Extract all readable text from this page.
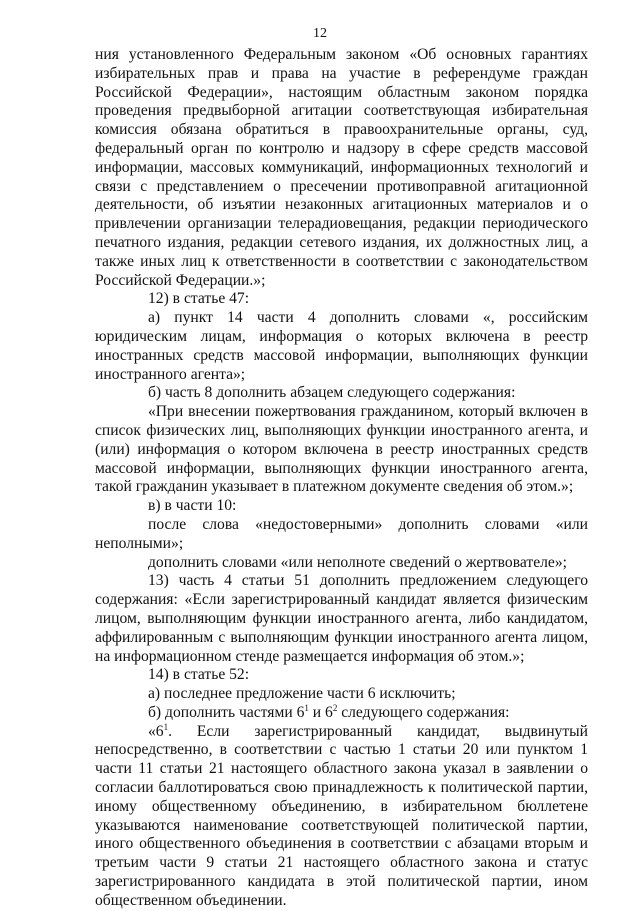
12

ния установленного Федеральным законом «Об основных гарантиях избирательных прав и права на участие в референдуме граждан Российской Федерации», настоящим областным законом порядка проведения предвыборной агитации соответствующая избирательная комиссия обязана обратиться в правоохранительные органы, суд, федеральный орган по контролю и надзору в сфере средств массовой информации, массовых коммуникаций, информационных технологий и связи с представлением о пресечении противоправной агитационной деятельности, об изъятии незаконных агитационных материалов и о привлечении организации телерадиовещания, редакции периодического печатного издания, редакции сетевого издания, их должностных лиц, а также иных лиц к ответственности в соответствии с законодательством Российской Федерации.»;

12) в статье 47:

а) пункт 14 части 4 дополнить словами «, российским юридическим лицам, информация о которых включена в реестр иностранных средств массовой информации, выполняющих функции иностранного агента»;

б) часть 8 дополнить абзацем следующего содержания:

«При внесении пожертвования гражданином, который включен в список физических лиц, выполняющих функции иностранного агента, и (или) информация о котором включена в реестр иностранных средств массовой информации, выполняющих функции иностранного агента, такой гражданин указывает в платежном документе сведения об этом.»;

в) в части 10:

после слова «недостоверными» дополнить словами «или неполными»;

дополнить словами «или неполноте сведений о жертвователе»;

13) часть 4 статьи 51 дополнить предложением следующего содержания: «Если зарегистрированный кандидат является физическим лицом, выполняющим функции иностранного агента, либо кандидатом, аффилированным с выполняющим функции иностранного агента лицом, на информационном стенде размещается информация об этом.»;

14) в статье 52:

а) последнее предложение части 6 исключить;

б) дополнить частями $6^1$ и $6^2$ следующего содержания:

«$6^1$. Если зарегистрированный кандидат, выдвинутый непосредственно, в соответствии с частью 1 статьи 20 или пунктом 1 части 11 статьи 21 настоящего областного закона указал в заявлении о согласии баллотироваться свою принадлежность к политической партии, иному общественному объединению, в избирательном бюллетене указываются наименование соответствующей политической партии, иного общественного объединения в соответствии с абзацами вторым и третьим части 9 статьи 21 настоящего областного закона и статус зарегистрированного кандидата в этой политической партии, ином общественном объединении.
